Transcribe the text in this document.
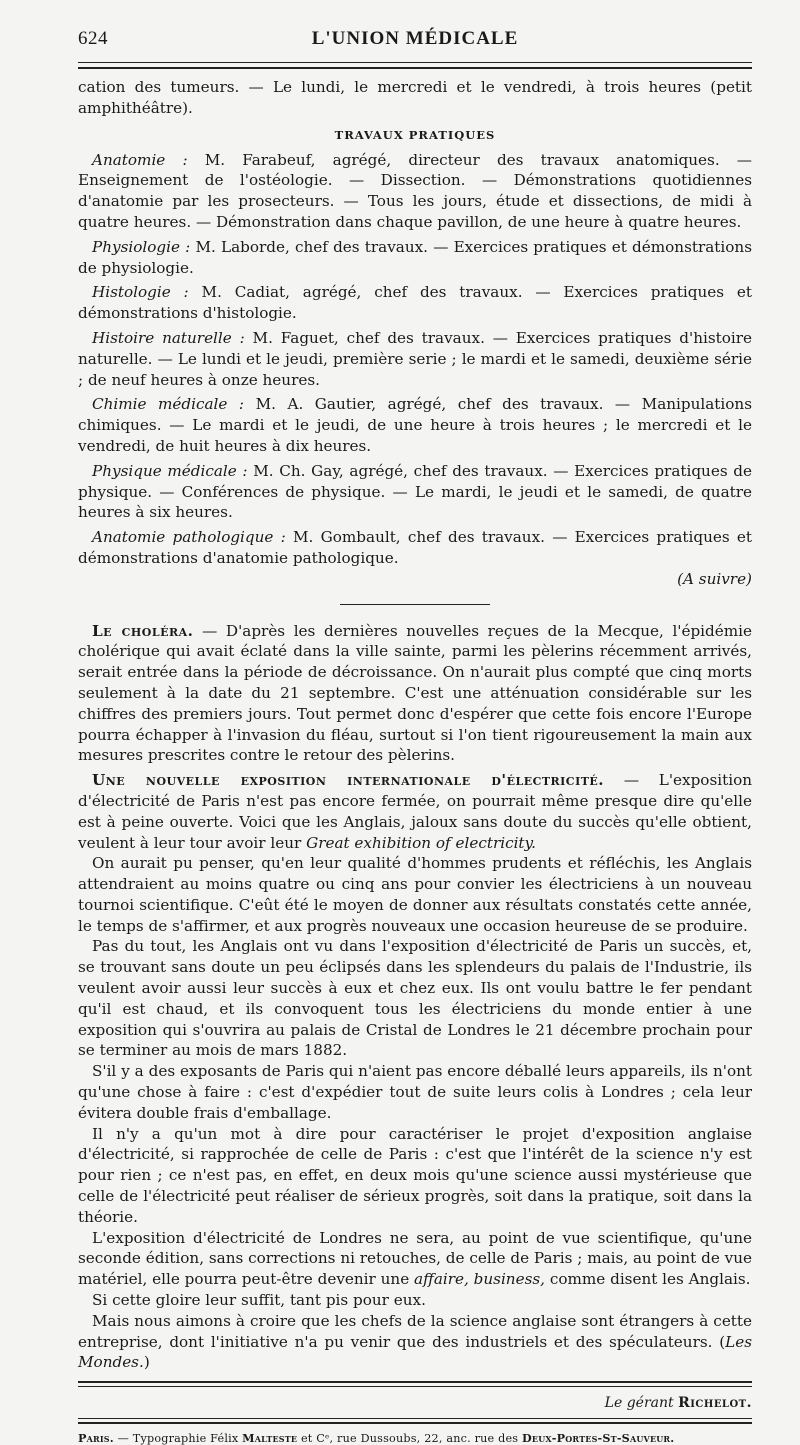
624	L'UNION MÉDICALE

cation des tumeurs. — Le lundi, le mercredi et le vendredi, à trois heures (petit amphithéâtre).

TRAVAUX PRATIQUES

Anatomie : M. Farabeuf, agrégé, directeur des travaux anatomiques. — Enseignement de l'ostéologie. — Dissection. — Démonstrations quotidiennes d'anatomie par les prosecteurs. — Tous les jours, étude et dissections, de midi à quatre heures. — Démonstration dans chaque pavillon, de une heure à quatre heures.

Physiologie : M. Laborde, chef des travaux. — Exercices pratiques et démonstrations de physiologie.

Histologie : M. Cadiat, agrégé, chef des travaux. — Exercices pratiques et démonstrations d'histologie.

Histoire naturelle : M. Faguet, chef des travaux. — Exercices pratiques d'histoire naturelle. — Le lundi et le jeudi, première serie ; le mardi et le samedi, deuxième série ; de neuf heures à onze heures.

Chimie médicale : M. A. Gautier, agrégé, chef des travaux. — Manipulations chimiques. — Le mardi et le jeudi, de une heure à trois heures ; le mercredi et le vendredi, de huit heures à dix heures.

Physique médicale : M. Ch. Gay, agrégé, chef des travaux. — Exercices pratiques de physique. — Conférences de physique. — Le mardi, le jeudi et le samedi, de quatre heures à six heures.

Anatomie pathologique : M. Gombault, chef des travaux. — Exercices pratiques et démonstrations d'anatomie pathologique.

(A suivre)

Le choléra. — D'après les dernières nouvelles reçues de la Mecque, l'épidémie cholérique qui avait éclaté dans la ville sainte, parmi les pèlerins récemment arrivés, serait entrée dans la période de décroissance. On n'aurait plus compté que cinq morts seulement à la date du 21 septembre. C'est une atténuation considérable sur les chiffres des premiers jours. Tout permet donc d'espérer que cette fois encore l'Europe pourra échapper à l'invasion du fléau, surtout si l'on tient rigoureusement la main aux mesures prescrites contre le retour des pèlerins.

Une nouvelle exposition internationale d'électricité. — L'exposition d'électricité de Paris n'est pas encore fermée, on pourrait même presque dire qu'elle est à peine ouverte. Voici que les Anglais, jaloux sans doute du succès qu'elle obtient, veulent à leur tour avoir leur Great exhibition of electricity.

On aurait pu penser, qu'en leur qualité d'hommes prudents et réfléchis, les Anglais attendraient au moins quatre ou cinq ans pour convier les électriciens à un nouveau tournoi scientifique. C'eût été le moyen de donner aux résultats constatés cette année, le temps de s'affirmer, et aux progrès nouveaux une occasion heureuse de se produire.

Pas du tout, les Anglais ont vu dans l'exposition d'électricité de Paris un succès, et, se trouvant sans doute un peu éclipsés dans les splendeurs du palais de l'Industrie, ils veulent avoir aussi leur succès à eux et chez eux. Ils ont voulu battre le fer pendant qu'il est chaud, et ils convoquent tous les électriciens du monde entier à une exposition qui s'ouvrira au palais de Cristal de Londres le 21 décembre prochain pour se terminer au mois de mars 1882.

S'il y a des exposants de Paris qui n'aient pas encore déballé leurs appareils, ils n'ont qu'une chose à faire : c'est d'expédier tout de suite leurs colis à Londres ; cela leur évitera double frais d'emballage.

Il n'y a qu'un mot à dire pour caractériser le projet d'exposition anglaise d'électricité, si rapprochée de celle de Paris : c'est que l'intérêt de la science n'y est pour rien ; ce n'est pas, en effet, en deux mois qu'une science aussi mystérieuse que celle de l'électricité peut réaliser de sérieux progrès, soit dans la pratique, soit dans la théorie.

L'exposition d'électricité de Londres ne sera, au point de vue scientifique, qu'une seconde édition, sans corrections ni retouches, de celle de Paris ; mais, au point de vue matériel, elle pourra peut-être devenir une affaire, business, comme disent les Anglais.

Si cette gloire leur suffit, tant pis pour eux.

Mais nous aimons à croire que les chefs de la science anglaise sont étrangers à cette entreprise, dont l'initiative n'a pu venir que des industriels et des spéculateurs. (Les Mondes.)

Le gérant Richelot.
Paris. — Typographie Félix Malteste et Cᵉ, rue Dussoubs, 22, anc. rue des Deux-Portes-St-Sauveur.
